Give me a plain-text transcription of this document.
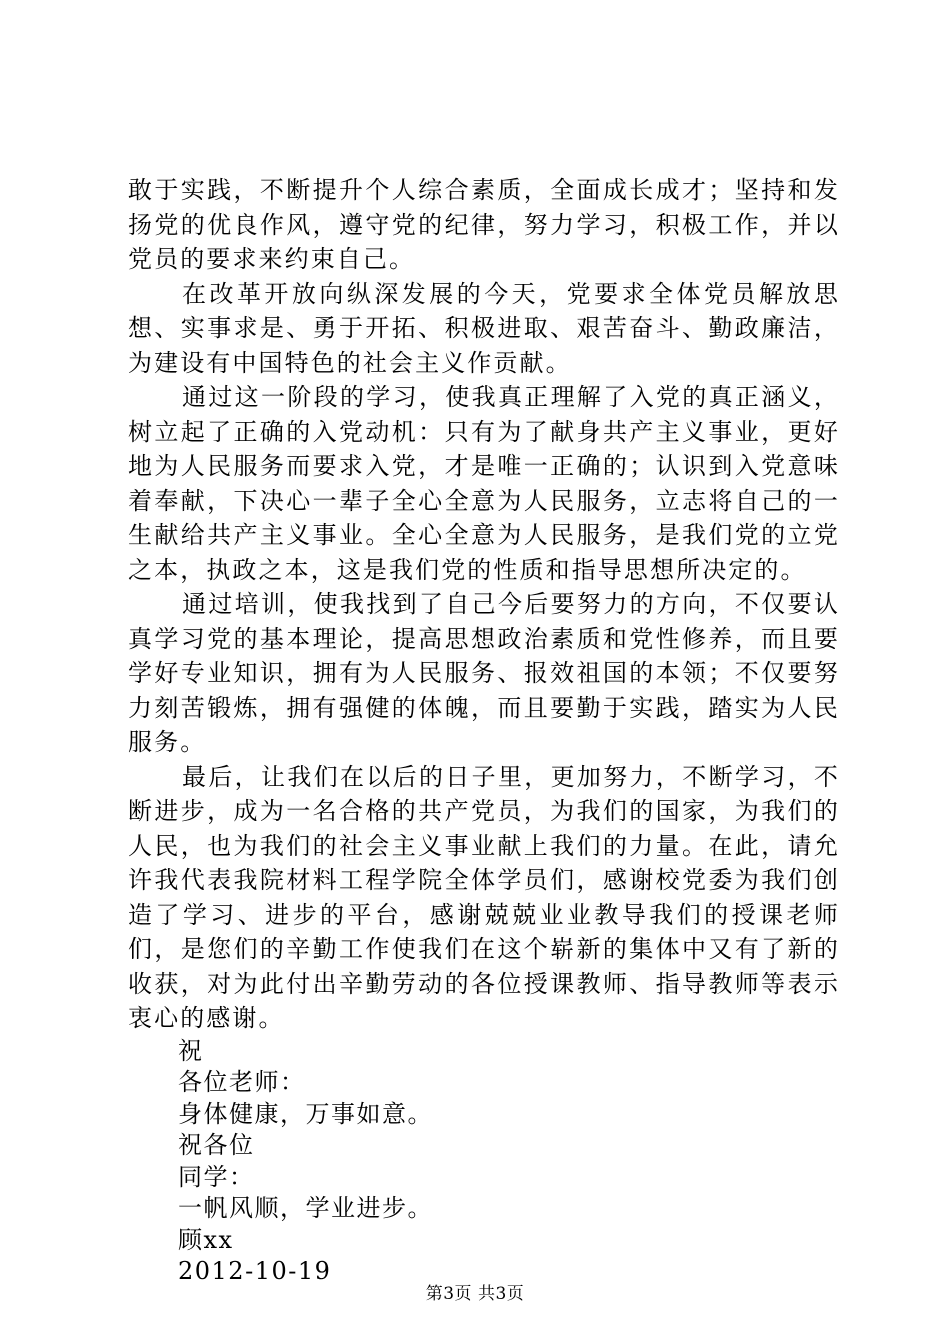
敢于实践，不断提升个人综合素质，全面成长成才；坚持和发扬党的优良作风，遵守党的纪律，努力学习，积极工作，并以党员的要求来约束自己。

在改革开放向纵深发展的今天，党要求全体党员解放思想、实事求是、勇于开拓、积极进取、艰苦奋斗、勤政廉洁，为建设有中国特色的社会主义作贡献。

通过这一阶段的学习，使我真正理解了入党的真正涵义，树立起了正确的入党动机：只有为了献身共产主义事业，更好地为人民服务而要求入党，才是唯一正确的；认识到入党意味着奉献，下决心一辈子全心全意为人民服务，立志将自己的一生献给共产主义事业。全心全意为人民服务，是我们党的立党之本，执政之本，这是我们党的性质和指导思想所决定的。

通过培训，使我找到了自己今后要努力的方向，不仅要认真学习党的基本理论，提高思想政治素质和党性修养，而且要学好专业知识，拥有为人民服务、报效祖国的本领；不仅要努力刻苦锻炼，拥有强健的体魄，而且要勤于实践，踏实为人民服务。

最后，让我们在以后的日子里，更加努力，不断学习，不断进步，成为一名合格的共产党员，为我们的国家，为我们的人民，也为我们的社会主义事业献上我们的力量。在此，请允许我代表我院材料工程学院全体学员们，感谢校党委为我们创造了学习、进步的平台，感谢兢兢业业教导我们的授课老师们，是您们的辛勤工作使我们在这个崭新的集体中又有了新的收获，对为此付出辛勤劳动的各位授课教师、指导教师等表示衷心的感谢。

祝

各位老师：

身体健康，万事如意。

祝各位

同学：

一帆风顺，学业进步。

顾xx

2012-10-19

第3页 共3页
